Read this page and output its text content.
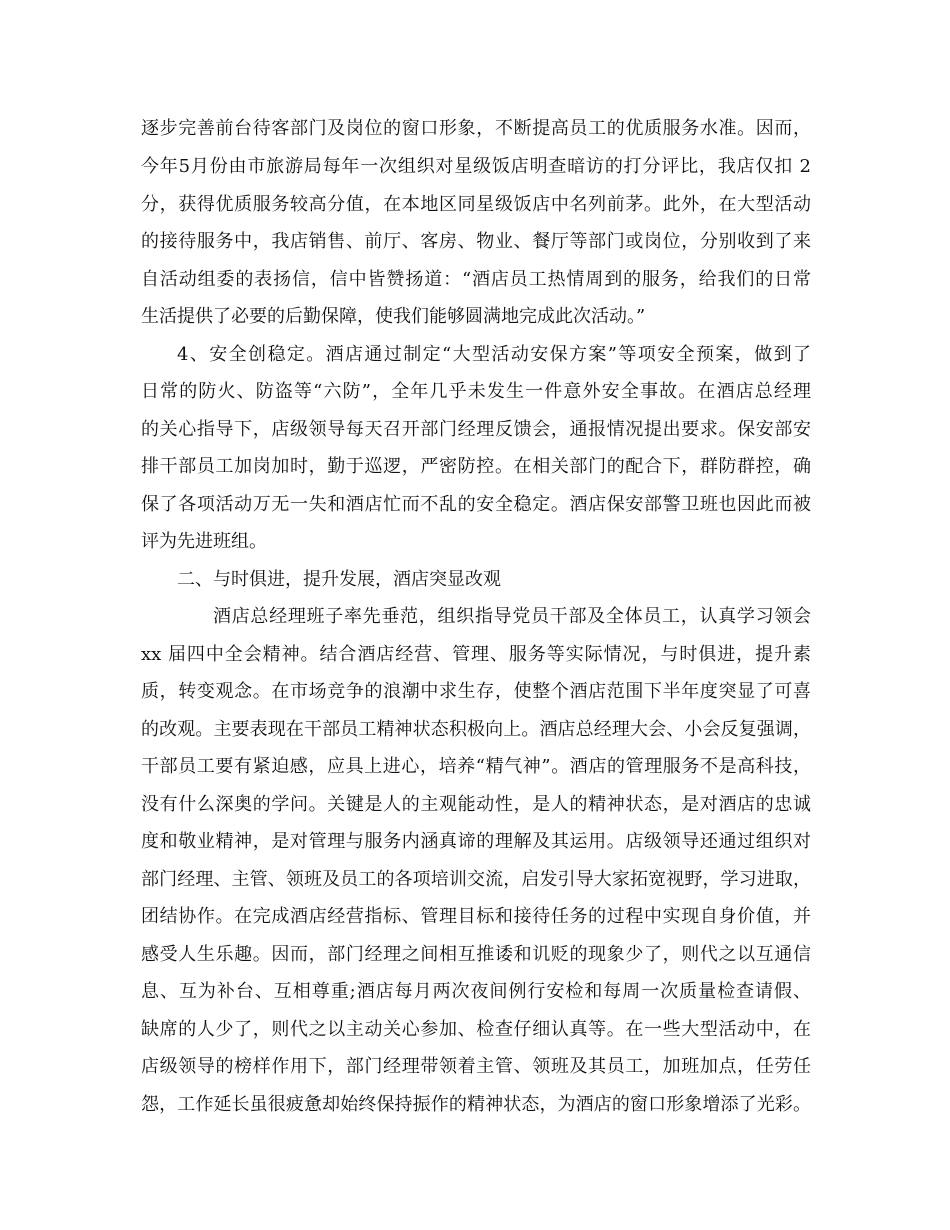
逐步完善前台待客部门及岗位的窗口形象，不断提高员工的优质服务水准。因而，
今年5月份由市旅游局每年一次组织对星级饭店明查暗访的打分评比，我店仅扣 2
分，获得优质服务较高分值，在本地区同星级饭店中名列前茅。此外，在大型活动
的接待服务中，我店销售、前厅、客房、物业、餐厅等部门或岗位，分别收到了来
自活动组委的表扬信，信中皆赞扬道：“酒店员工热情周到的服务，给我们的日常
生活提供了必要的后勤保障，使我们能够圆满地完成此次活动。”
4、安全创稳定。酒店通过制定“大型活动安保方案”等项安全预案，做到了
日常的防火、防盗等“六防”，全年几乎未发生一件意外安全事故。在酒店总经理
的关心指导下，店级领导每天召开部门经理反馈会，通报情况提出要求。保安部安
排干部员工加岗加时，勤于巡逻，严密防控。在相关部门的配合下，群防群控，确
保了各项活动万无一失和酒店忙而不乱的安全稳定。酒店保安部警卫班也因此而被
评为先进班组。
二、与时俱进，提升发展，酒店突显改观
酒店总经理班子率先垂范，组织指导党员干部及全体员工，认真学习领会
xx 届四中全会精神。结合酒店经营、管理、服务等实际情况，与时俱进，提升素
质，转变观念。在市场竞争的浪潮中求生存，使整个酒店范围下半年度突显了可喜
的改观。主要表现在干部员工精神状态积极向上。酒店总经理大会、小会反复强调，
干部员工要有紧迫感，应具上进心，培养“精气神”。酒店的管理服务不是高科技，
没有什么深奥的学问。关键是人的主观能动性，是人的精神状态，是对酒店的忠诚
度和敬业精神，是对管理与服务内涵真谛的理解及其运用。店级领导还通过组织对
部门经理、主管、领班及员工的各项培训交流，启发引导大家拓宽视野，学习进取，
团结协作。在完成酒店经营指标、管理目标和接待任务的过程中实现自身价值，并
感受人生乐趣。因而，部门经理之间相互推诿和讥贬的现象少了，则代之以互通信
息、互为补台、互相尊重;酒店每月两次夜间例行安检和每周一次质量检查请假、
缺席的人少了，则代之以主动关心参加、检查仔细认真等。在一些大型活动中，在
店级领导的榜样作用下，部门经理带领着主管、领班及其员工，加班加点，任劳任
怨，工作延长虽很疲惫却始终保持振作的精神状态，为酒店的窗口形象增添了光彩。
